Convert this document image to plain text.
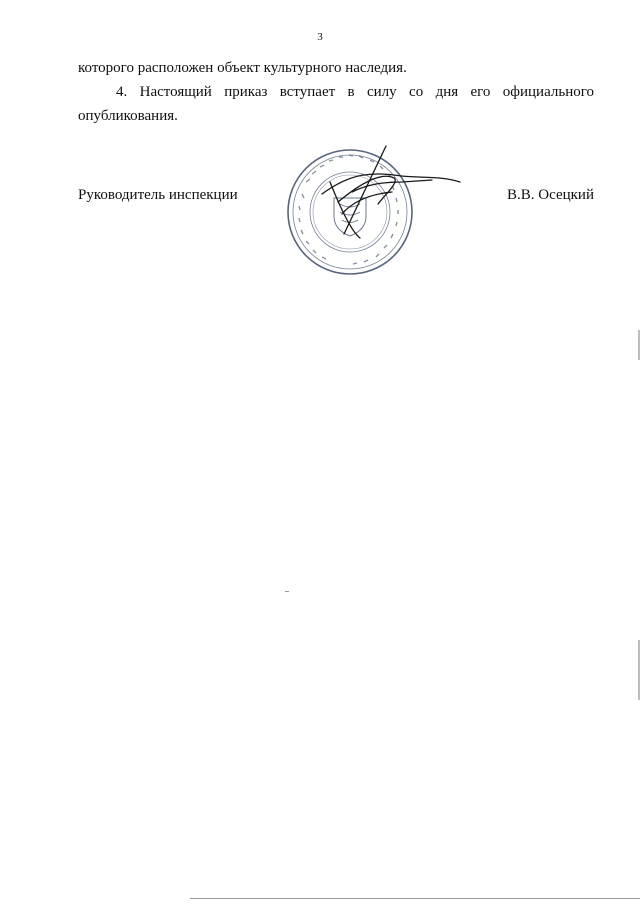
3
которого расположен объект культурного наследия.
4. Настоящий приказ вступает в силу со дня его официального
опубликования.
Руководитель инспекции	В.В. Осецкий
